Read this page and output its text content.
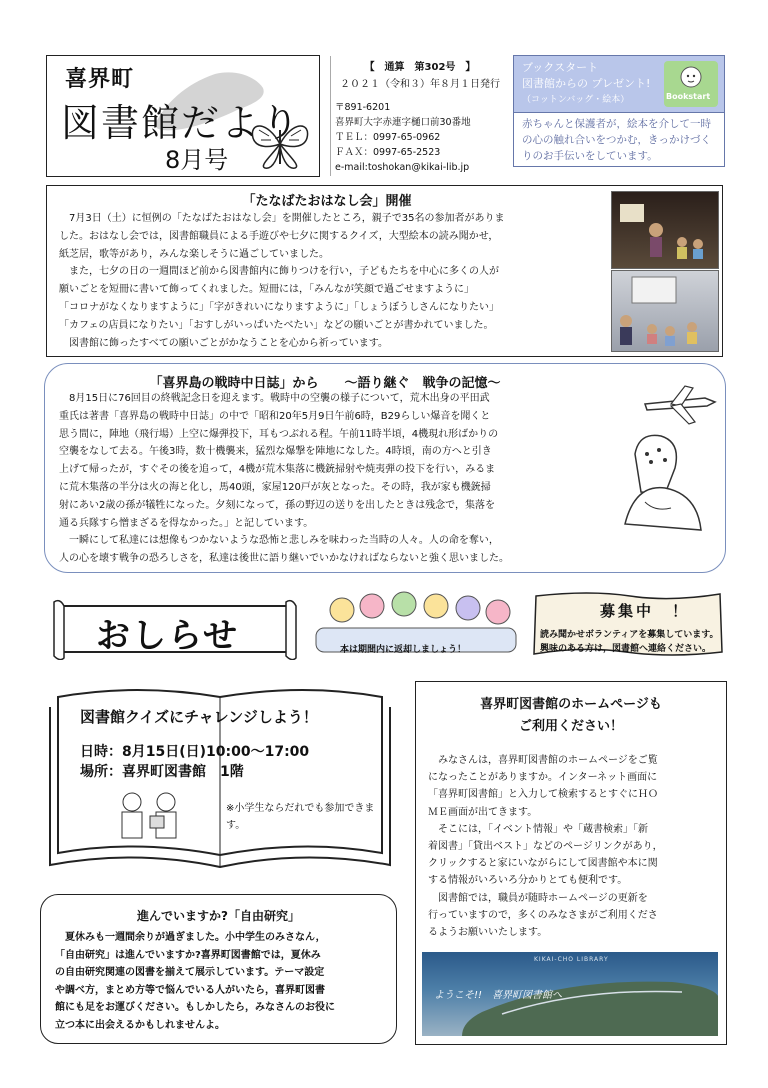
喜界町
図書館だより
8月号

【　通算　第302号　】

２０２１（令和３）年８月１日発行

〒891-6201

喜界町大字赤連字樋口前30番地

ＴＥＬ：0997-65-0962

ＦＡＸ：0997-65-2523

e-mail:toshokan@kikai-lib.jp

ブックスタート
図書館からの プレゼント!
（コットンバッグ・絵本）	Bookstart
赤ちゃんと保護者が，絵本を介して一時の心の触れ合いをつかむ，きっかけづくりのお手伝いをしています。
「たなばたおはなし会」開催

　7月3日（土）に恒例の「たなばたおはなし会」を開催したところ，親子で35名の参加者がありま

した。おはなし会では，図書館職員による手遊びや七夕に関するクイズ，大型絵本の読み聞かせ，

紙芝居，歌等があり，みんな楽しそうに過ごしていました。

　また，七夕の日の一週間ほど前から図書館内に飾りつけを行い，子どもたちを中心に多くの人が

願いごとを短冊に書いて飾ってくれました。短冊には，「みんなが笑顔で過ごせますように」

「コロナがなくなりますように」「字がきれいになりますように」「しょうぼうしさんになりたい」

「カフェの店員になりたい」「おすしがいっぱいたべたい」などの願いごとが書かれていました。

　図書館に飾ったすべての願いごとがかなうことを心から祈っています。

「喜界島の戦時中日誌」から　　～語り継ぐ　戦争の記憶～

　8月15日に76回目の終戦記念日を迎えます。戦時中の空襲の様子について，荒木出身の平田武

重氏は著書「喜界島の戦時中日誌」の中で「昭和20年5月9日午前6時，B29らしい爆音を聞くと

思う間に，陣地（飛行場）上空に爆弾投下，耳もつぶれる程。午前11時半頃，4機現れ形ばかりの

空襲をなして去る。午後3時，数十機襲来，猛烈な爆撃を陣地になした。4時頃，南の方へと引き

上げて帰ったが，すぐその後を追って，4機が荒木集落に機銃掃射や焼夷弾の投下を行い，みるま

に荒木集落の半分は火の海と化し，馬40頭，家屋120戸が灰となった。その時，我が家も機銃掃

射にあい2歳の孫が犠牲になった。夕刻になって，孫の野辺の送りを出したときは残念で，集落を

通る兵隊すら憎まざるを得なかった。」と記しています。

　一瞬にして私達には想像もつかないような恐怖と悲しみを味わった当時の人々。人の命を奪い，

人の心を壊す戦争の恐ろしさを，私達は後世に語り継いでいかなければならないと強く思いました。

おしらせ	本は期間内に返却しましょう！
募集中　！

読み聞かせボランティアを募集しています。

興味のある方は，図書館へ連絡ください。

図書館クイズにチャレンジしよう！

日時：8月15日(日)10:00～17:00

場所：喜界町図書館　1階

※小学生ならだれでも参加できます。
進んでいますか?「自由研究」

　夏休みも一週間余りが過ぎました。小中学生のみさなん，

「自由研究」は進んでいますか?喜界町図書館では，夏休み

の自由研究関連の図書を揃えて展示しています。テーマ設定

や調べ方，まとめ方等で悩んでいる人がいたら，喜界町図書

館にも足をお運びください。もしかしたら，みなさんのお役に

立つ本に出会えるかもしれませんよ。

喜界町図書館のホームページも

ご利用ください！

　みなさんは，喜界町図書館のホームページをご覧

になったことがありますか。インターネット画面に

「喜界町図書館」と入力して検索するとすぐにＨＯ

ＭＥ画面が出てきます。

　そこには，「イベント情報」や「蔵書検索」「新

着図書」「貸出ベスト」などのページリンクがあり，

クリックすると家にいながらにして図書館や本に関

する情報がいろいろ分かりとても便利です。

　図書館では，職員が随時ホームページの更新を

行っていますので，多くのみなさまがご利用くださ

るようお願いいたします。

KIKAI-CHO LIBRARY
ようこそ!!　喜界町図書館へ
